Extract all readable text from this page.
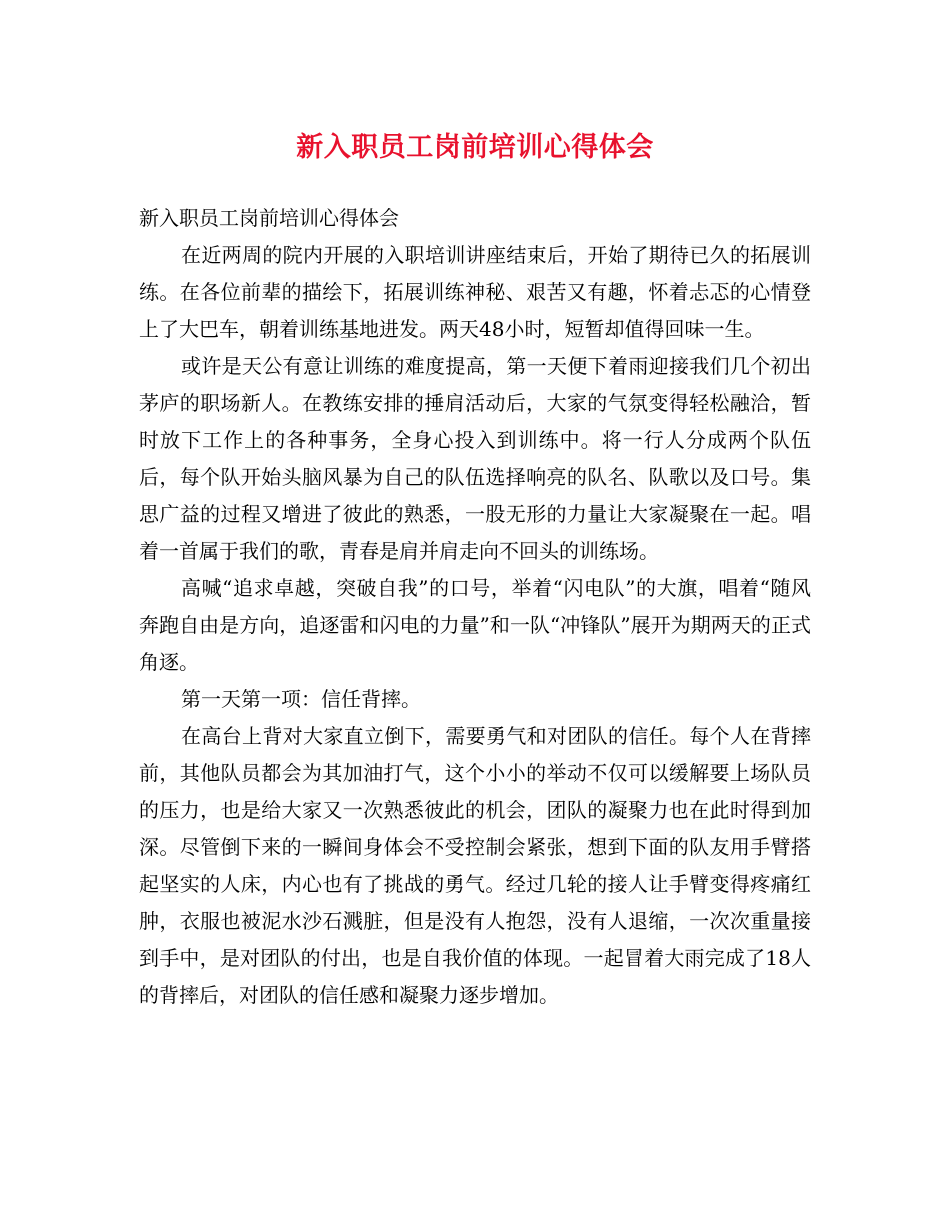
新入职员工岗前培训心得体会

新入职员工岗前培训心得体会

在近两周的院内开展的入职培训讲座结束后，开始了期待已久的拓展训练。在各位前辈的描绘下，拓展训练神秘、艰苦又有趣，怀着忐忑的心情登上了大巴车，朝着训练基地进发。两天48小时，短暂却值得回味一生。

或许是天公有意让训练的难度提高，第一天便下着雨迎接我们几个初出茅庐的职场新人。在教练安排的捶肩活动后，大家的气氛变得轻松融洽，暂时放下工作上的各种事务，全身心投入到训练中。将一行人分成两个队伍后，每个队开始头脑风暴为自己的队伍选择响亮的队名、队歌以及口号。集思广益的过程又增进了彼此的熟悉，一股无形的力量让大家凝聚在一起。唱着一首属于我们的歌，青春是肩并肩走向不回头的训练场。

高喊“追求卓越，突破自我”的口号，举着“闪电队”的大旗，唱着“随风奔跑自由是方向，追逐雷和闪电的力量”和一队“冲锋队”展开为期两天的正式角逐。

第一天第一项：信任背摔。

在高台上背对大家直立倒下，需要勇气和对团队的信任。每个人在背摔前，其他队员都会为其加油打气，这个小小的举动不仅可以缓解要上场队员的压力，也是给大家又一次熟悉彼此的机会，团队的凝聚力也在此时得到加深。尽管倒下来的一瞬间身体会不受控制会紧张，想到下面的队友用手臂搭起坚实的人床，内心也有了挑战的勇气。经过几轮的接人让手臂变得疼痛红肿，衣服也被泥水沙石溅脏，但是没有人抱怨，没有人退缩，一次次重量接到手中，是对团队的付出，也是自我价值的体现。一起冒着大雨完成了18人的背摔后，对团队的信任感和凝聚力逐步增加。
